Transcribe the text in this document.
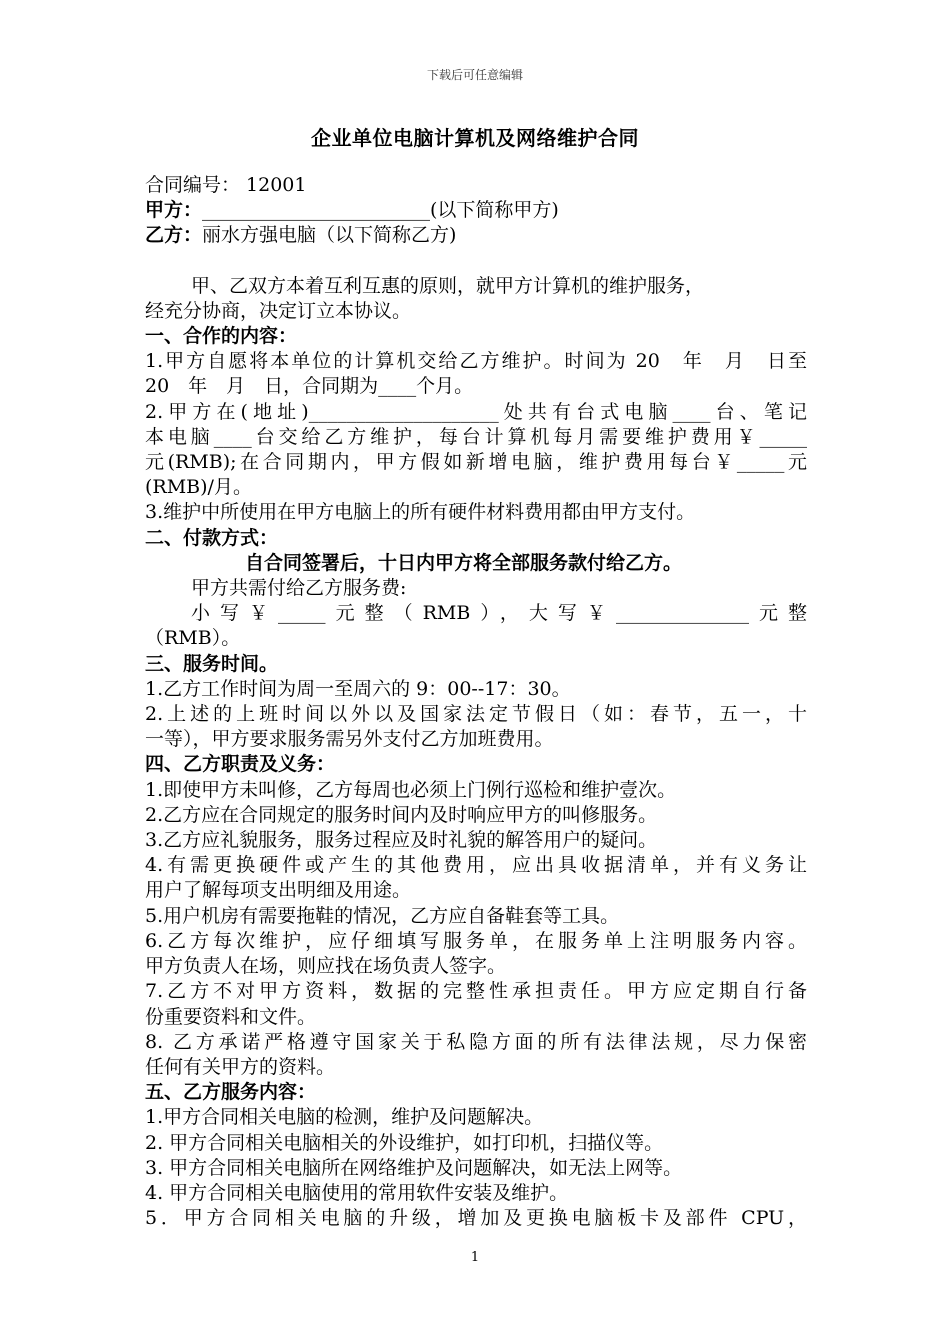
下载后可任意编辑
企业单位电脑计算机及网络维护合同
合同编号： 12001
甲方：________________________(以下简称甲方)
乙方：丽水方强电脑（以下简称乙方)
甲、乙双方本着互利互惠的原则，就甲方计算机的维护服务，
经充分协商，决定订立本协议。
一、合作的内容：
1.甲方自愿将本单位的计算机交给乙方维护。时间为 20　年　月　日至
20　年　月　日，合同期为____个月。
2.甲方在(地址)____________________处共有台式电脑____台、笔记
本电脑____台交给乙方维护，每台计算机每月需要维护费用￥_____
元(RMB);在合同期内，甲方假如新增电脑，维护费用每台￥_____元
(RMB)/月。
3.维护中所使用在甲方电脑上的所有硬件材料费用都由甲方支付。
二、付款方式：
自合同签署后，十日内甲方将全部服务款付给乙方。
甲方共需付给乙方服务费:
小写￥_____元整（RMB），大写￥______________元整
（RMB）。
三、服务时间。
1.乙方工作时间为周一至周六的 9：00--17：30。
2.上述的上班时间以外以及国家法定节假日（如：春节，五一，十
一等），甲方要求服务需另外支付乙方加班费用。
四、乙方职责及义务：
1.即使甲方未叫修，乙方每周也必须上门例行巡检和维护壹次。
2.乙方应在合同规定的服务时间内及时响应甲方的叫修服务。
3.乙方应礼貌服务，服务过程应及时礼貌的解答用户的疑问。
4.有需更换硬件或产生的其他费用，应出具收据清单，并有义务让
用户了解每项支出明细及用途。
5.用户机房有需要拖鞋的情况，乙方应自备鞋套等工具。
6.乙方每次维护，应仔细填写服务单，在服务单上注明服务内容。
甲方负责人在场，则应找在场负责人签字。
7.乙方不对甲方资料，数据的完整性承担责任。甲方应定期自行备
份重要资料和文件。
8. 乙方承诺严格遵守国家关于私隐方面的所有法律法规，尽力保密
任何有关甲方的资料。
五、乙方服务内容：
1.甲方合同相关电脑的检测，维护及问题解决。
2. 甲方合同相关电脑相关的外设维护，如打印机，扫描仪等。
3. 甲方合同相关电脑所在网络维护及问题解决，如无法上网等。
4. 甲方合同相关电脑使用的常用软件安装及维护。
5．甲方合同相关电脑的升级，增加及更换电脑板卡及部件 CPU，
1
